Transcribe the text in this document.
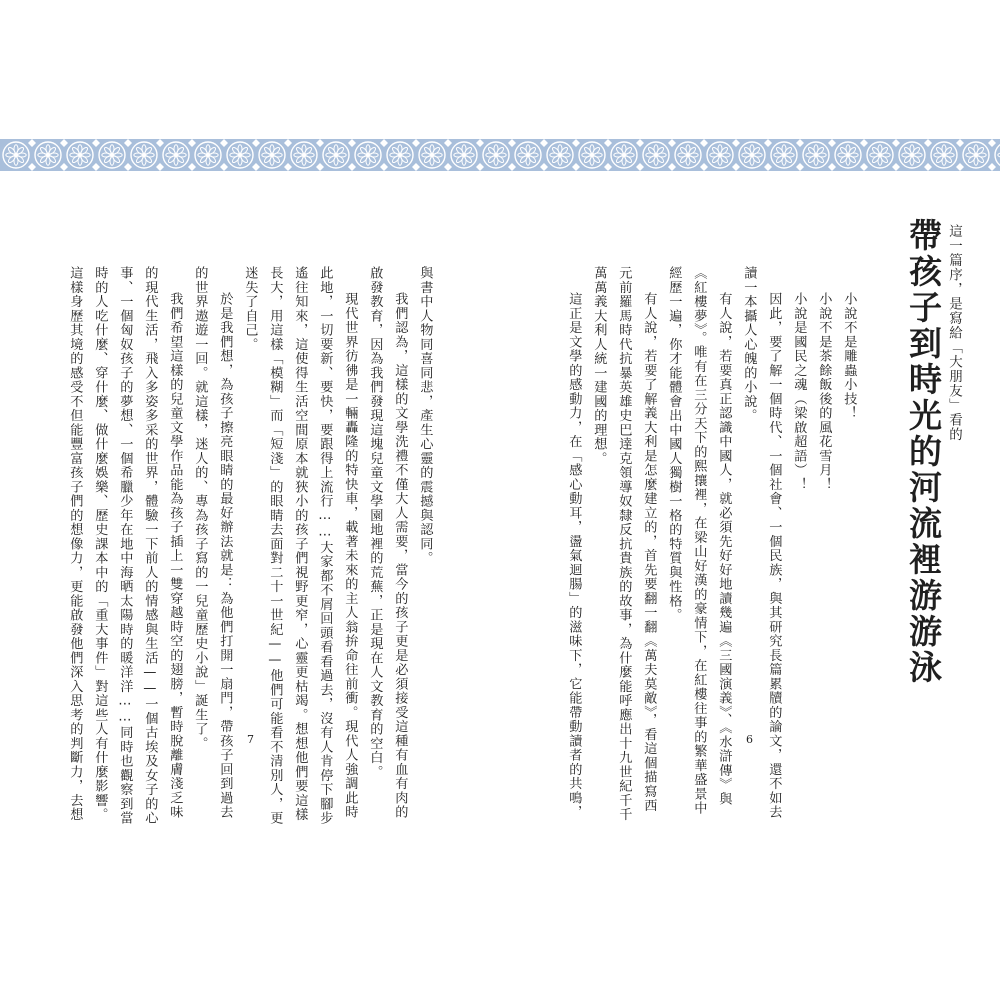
這一篇序，是寫給「大朋友」看的
帶孩子到時光的河流裡游游泳
小說不是雕蟲小技！
小說不是茶餘飯後的風花雪月！
小說是國民之魂（梁啟超語）！
因此，要了解一個時代、一個社會、一個民族，與其研究長篇累牘的論文，還不如去
讀一本攝人心魄的小說。
有人說，若要真正認識中國人，就必須先好好地讀幾遍《三國演義》、《水滸傳》與
《紅樓夢》。唯有在三分天下的熙攘裡，在梁山好漢的豪情下，在紅樓往事的繁華盛景中
經歷一遍，你才能體會出中國人獨樹一格的特質與性格。
有人說，若要了解義大利是怎麼建立的，首先要翻一翻《萬夫莫敵》，看這個描寫西
元前羅馬時代抗暴英雄史巴達克領導奴隸反抗貴族的故事，為什麼能呼應出十九世紀千千
萬萬義大利人統一建國的理想。
這正是文學的感動力，在「感心動耳，盪氣迴腸」的滋味下，它能帶動讀者的共鳴，	6
與書中人物同喜同悲，產生心靈的震撼與認同。
我們認為，這樣的文學洗禮不僅大人需要，當今的孩子更是必須接受這種有血有肉的
啟發教育，因為我們發現這塊兒童文學園地裡的荒蕪，正是現在人文教育的空白。
現代世界彷彿是一輛轟隆的特快車，載著未來的主人翁拚命往前衝。現代人強調此時
此地，一切要新、要快，要跟得上流行……大家都不屑回頭看看過去，沒有人肯停下腳步
遙往知來，這使得生活空間原本就狹小的孩子們視野更窄，心靈更枯竭。想想他們要這樣
長大，用這樣「模糊」而「短淺」的眼睛去面對二十一世紀——他們可能看不清別人，更
迷失了自己。
於是我們想，為孩子擦亮眼睛的最好辦法就是：為他們打開一扇門，帶孩子回到過去
的世界遨遊一回。就這樣，迷人的、專為孩子寫的一兒童歷史小說」誕生了。
我們希望這樣的兒童文學作品能為孩子插上一雙穿越時空的翅膀，暫時脫離膚淺乏味
的現代生活，飛入多姿多采的世界，體驗一下前人的情感與生活——一個古埃及女子的心
事、一個匈奴孩子的夢想、一個希臘少年在地中海晒太陽時的暖洋洋……同時也觀察到當
時的人吃什麼、穿什麼、做什麼娛樂、歷史課本中的「重大事件」對這些人有什麼影響。
這樣身歷其境的感受不但能豐富孩子們的想像力，更能啟發他們深入思考的判斷力，去想	7
